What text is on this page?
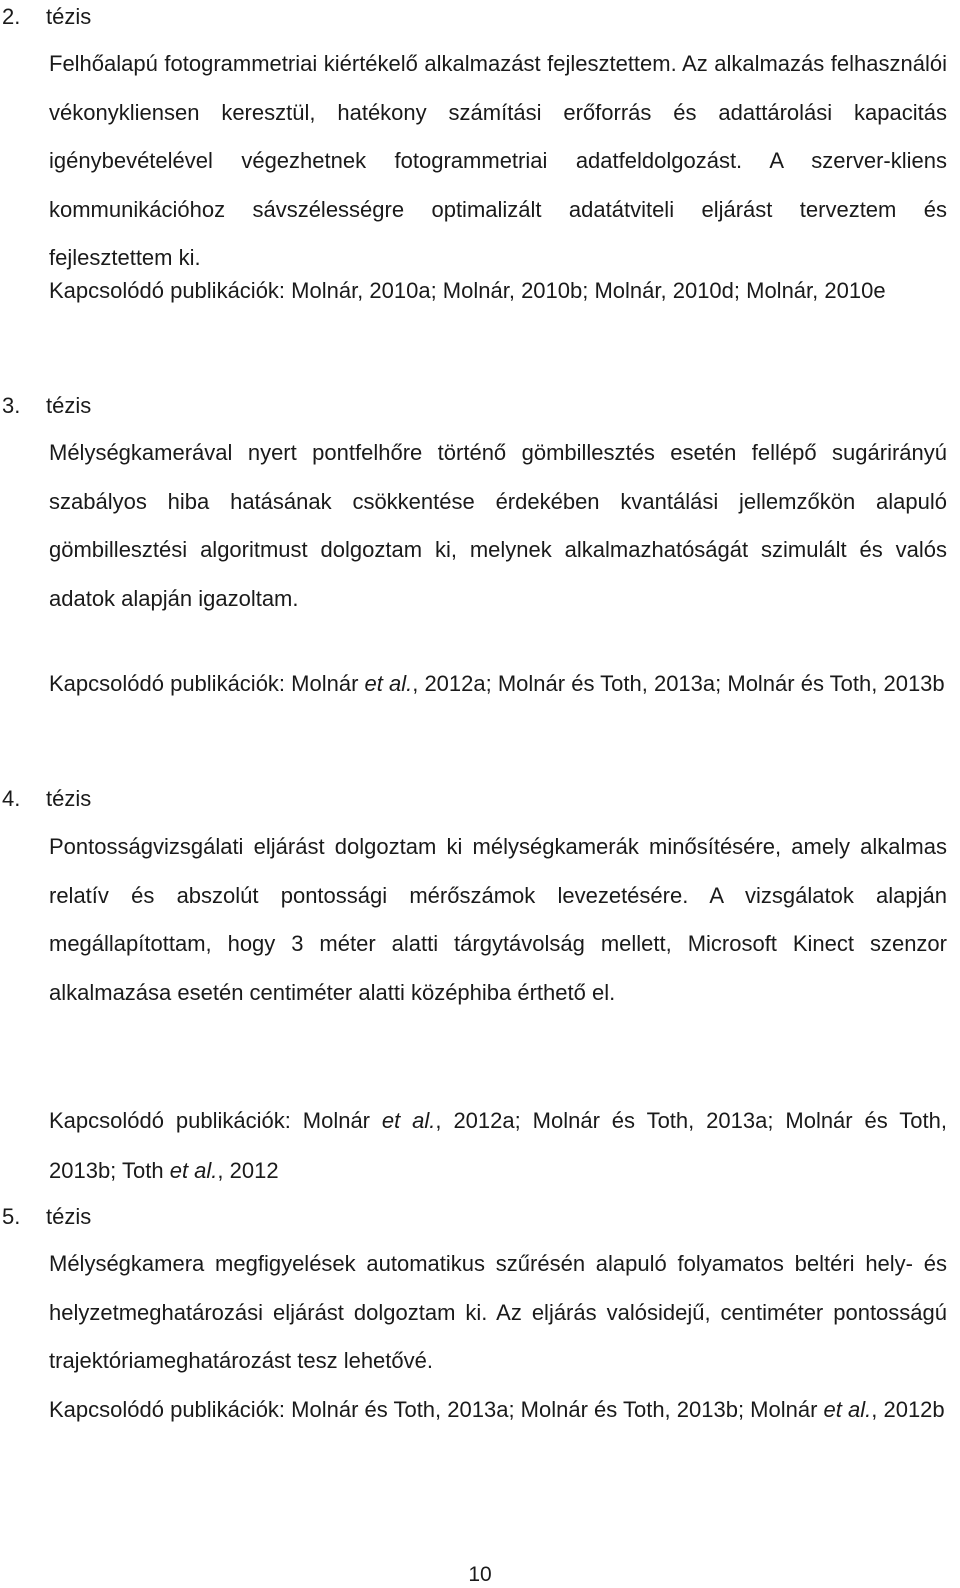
2. tézis
Felhőalapú fotogrammetriai kiértékelő alkalmazást fejlesztettem. Az alkalmazás felhasználói vékonykliensen keresztül, hatékony számítási erőforrás és adattárolási kapacitás igénybevételével végezhetnek fotogrammetriai adatfeldolgozást. A szerver-kliens kommunikációhoz sávszélességre optimalizált adatátviteli eljárást terveztem és fejlesztettem ki.
Kapcsolódó publikációk: Molnár, 2010a; Molnár, 2010b; Molnár, 2010d; Molnár, 2010e
3. tézis
Mélységkamerával nyert pontfelhőre történő gömbillesztés esetén fellépő sugárirányú szabályos hiba hatásának csökkentése érdekében kvantálási jellemzőkön alapuló gömbillesztési algoritmust dolgoztam ki, melynek alkalmazhatóságát szimulált és valós adatok alapján igazoltam.
Kapcsolódó publikációk: Molnár et al., 2012a; Molnár és Toth, 2013a; Molnár és Toth, 2013b
4. tézis
Pontosságvizsgálati eljárást dolgoztam ki mélységkamerák minősítésére, amely alkalmas relatív és abszolút pontossági mérőszámok levezetésére. A vizsgálatok alapján megállapítottam, hogy 3 méter alatti tárgytávolság mellett, Microsoft Kinect szenzor alkalmazása esetén centiméter alatti középhiba érthető el.
Kapcsolódó publikációk: Molnár et al., 2012a; Molnár és Toth, 2013a; Molnár és Toth, 2013b; Toth et al., 2012
5. tézis
Mélységkamera megfigyelések automatikus szűrésén alapuló folyamatos beltéri hely- és helyzetmeghatározási eljárást dolgoztam ki. Az eljárás valósidejű, centiméter pontosságú trajektóriameghatározást tesz lehetővé.
Kapcsolódó publikációk: Molnár és Toth, 2013a; Molnár és Toth, 2013b; Molnár et al., 2012b
10
